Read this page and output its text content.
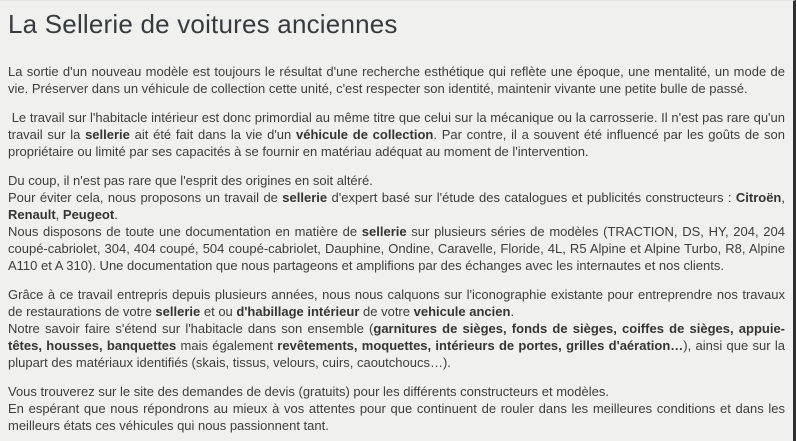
La Sellerie de voitures anciennes

La sortie d'un nouveau modèle est toujours le résultat d'une recherche esthétique qui reflète une époque, une mentalité, un mode de vie. Préserver dans un véhicule de collection cette unité, c'est respecter son identité, maintenir vivante une petite bulle de passé.

Le travail sur l'habitacle intérieur est donc primordial au même titre que celui sur la mécanique ou la carrosserie. Il n'est pas rare qu'un travail sur la sellerie ait été fait dans la vie d'un véhicule de collection. Par contre, il a souvent été influencé par les goûts de son propriétaire ou limité par ses capacités à se fournir en matériau adéquat au moment de l'intervention.

Du coup, il n'est pas rare que l'esprit des origines en soit altéré.
Pour éviter cela, nous proposons un travail de sellerie d'expert basé sur l'étude des catalogues et publicités constructeurs : Citroën, Renault, Peugeot.
Nous disposons de toute une documentation en matière de sellerie sur plusieurs séries de modèles (TRACTION, DS, HY, 204, 204 coupé-cabriolet, 304, 404 coupé, 504 coupé-cabriolet, Dauphine, Ondine, Caravelle, Floride, 4L, R5 Alpine et Alpine Turbo, R8, Alpine A110 et A 310). Une documentation que nous partageons et amplifions par des échanges avec les internautes et nos clients.

Grâce à ce travail entrepris depuis plusieurs années, nous nous calquons sur l'iconographie existante pour entreprendre nos travaux de restaurations de votre sellerie et ou d'habillage intérieur de votre vehicule ancien.
Notre savoir faire s'étend sur l'habitacle dans son ensemble (garnitures de sièges, fonds de sièges, coiffes de sièges, appuie-têtes, housses, banquettes mais également revêtements, moquettes, intérieurs de portes, grilles d'aération…), ainsi que sur la plupart des matériaux identifiés (skais, tissus, velours, cuirs, caoutchoucs…).

Vous trouverez sur le site des demandes de devis (gratuits) pour les différents constructeurs et modèles.
En espérant que nous répondrons au mieux à vos attentes pour que continuent de rouler dans les meilleures conditions et dans les meilleurs états ces véhicules qui nous passionnent tant.
